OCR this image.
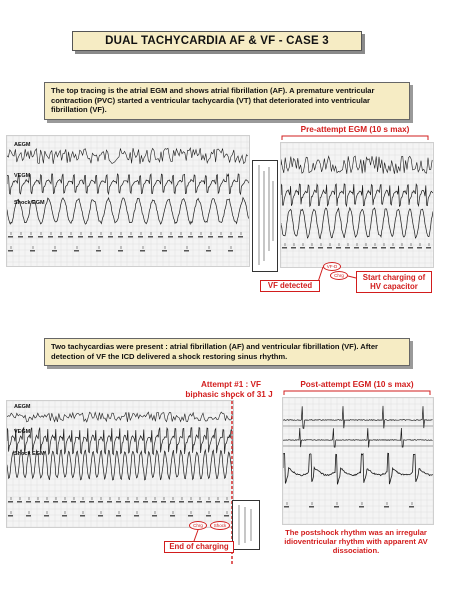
DUAL TACHYCARDIA AF & VF - CASE 3
The top tracing is the atrial EGM and shows atrial fibrillation (AF). A premature ventricular contraction (PVC) started a ventricular tachycardia (VT) that deteriorated into ventricular fibrillation (VF).
AEGM
VEGM
Shock EGM
Pre-attempt EGM (10 s max)
VF-D
Chrg
VF detected
Start charging of HV capacitor
Two tachycardias were present : atrial fibrillation (AF) and ventricular fibrillation (VF). After detection of VF the ICD delivered a shock restoring sinus rhythm.
Attempt #1 : VF
biphasic shock of 31 J
AEGM
VEGM
Shock EGM
Post-attempt EGM (10 s max)
Chrg	Shock
End of charging
The postshock rhythm was an irregular idioventricular rhythm with apparent AV dissociation.
